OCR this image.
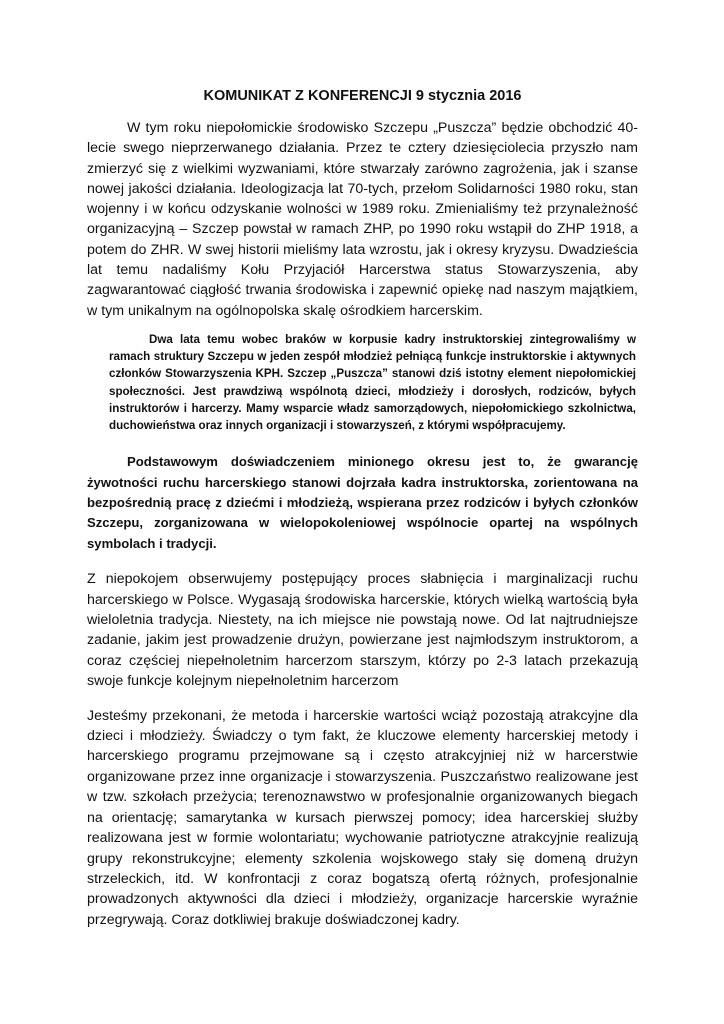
KOMUNIKAT Z KONFERENCJI 9 stycznia 2016

W tym roku niepołomickie środowisko Szczepu „Puszcza” będzie obchodzić 40-lecie swego nieprzerwanego działania. Przez te cztery dziesięciolecia przyszło nam zmierzyć się z wielkimi wyzwaniami, które stwarzały zarówno zagrożenia, jak i szanse nowej jakości działania. Ideologizacja lat 70-tych, przełom Solidarności 1980 roku, stan wojenny i w końcu odzyskanie wolności w 1989 roku. Zmienialiśmy też przynależność organizacyjną – Szczep powstał w ramach ZHP, po 1990 roku wstąpił do ZHP 1918, a potem do ZHR. W swej historii mieliśmy lata wzrostu, jak i okresy kryzysu. Dwadzieścia lat temu nadaliśmy Kołu Przyjaciół Harcerstwa status Stowarzyszenia, aby zagwarantować ciągłość trwania środowiska i zapewnić opiekę nad naszym majątkiem, w tym unikalnym na ogólnopolska skalę ośrodkiem harcerskim.

Dwa lata temu wobec braków w korpusie kadry instruktorskiej zintegrowaliśmy w ramach struktury Szczepu w jeden zespół młodzież pełniącą funkcje instruktorskie i aktywnych członków Stowarzyszenia KPH. Szczep „Puszcza” stanowi dziś istotny element niepołomickiej społeczności. Jest prawdziwą wspólnotą dzieci, młodzieży i dorosłych, rodziców, byłych instruktorów i harcerzy. Mamy wsparcie władz samorządowych, niepołomickiego szkolnictwa, duchowieństwa oraz innych organizacji i stowarzyszeń, z którymi współpracujemy.

Podstawowym doświadczeniem minionego okresu jest to, że gwarancję żywotności ruchu harcerskiego stanowi dojrzała kadra instruktorska, zorientowana na bezpośrednią pracę z dziećmi i młodzieżą, wspierana przez rodziców i byłych członków Szczepu, zorganizowana w wielopokoleniowej wspólnocie opartej na wspólnych symbolach i tradycji.

Z niepokojem obserwujemy postępujący proces słabnięcia i marginalizacji ruchu harcerskiego w Polsce. Wygasają środowiska harcerskie, których wielką wartością była wieloletnia tradycja. Niestety, na ich miejsce nie powstają nowe. Od lat najtrudniejsze zadanie, jakim jest prowadzenie drużyn, powierzane jest najmłodszym instruktorom, a coraz częściej niepełnoletnim harcerzom starszym, którzy po 2-3 latach przekazują swoje funkcje kolejnym niepełnoletnim harcerzom

Jesteśmy przekonani, że metoda i harcerskie wartości wciąż pozostają atrakcyjne dla dzieci i młodzieży. Świadczy o tym fakt, że kluczowe elementy harcerskiej metody i harcerskiego programu przejmowane są i często atrakcyjniej niż w harcerstwie organizowane przez inne organizacje i stowarzyszenia. Puszczaństwo realizowane jest w tzw. szkołach przeżycia; terenoznawstwo w profesjonalnie organizowanych biegach na orientację; samarytanka w kursach pierwszej pomocy; idea harcerskiej służby realizowana jest w formie wolontariatu; wychowanie patriotyczne atrakcyjnie realizują grupy rekonstrukcyjne; elementy szkolenia wojskowego stały się domeną drużyn strzeleckich, itd. W konfrontacji z coraz bogatszą ofertą różnych, profesjonalnie prowadzonych aktywności dla dzieci i młodzieży, organizacje harcerskie wyraźnie przegrywają. Coraz dotkliwiej brakuje doświadczonej kadry.
